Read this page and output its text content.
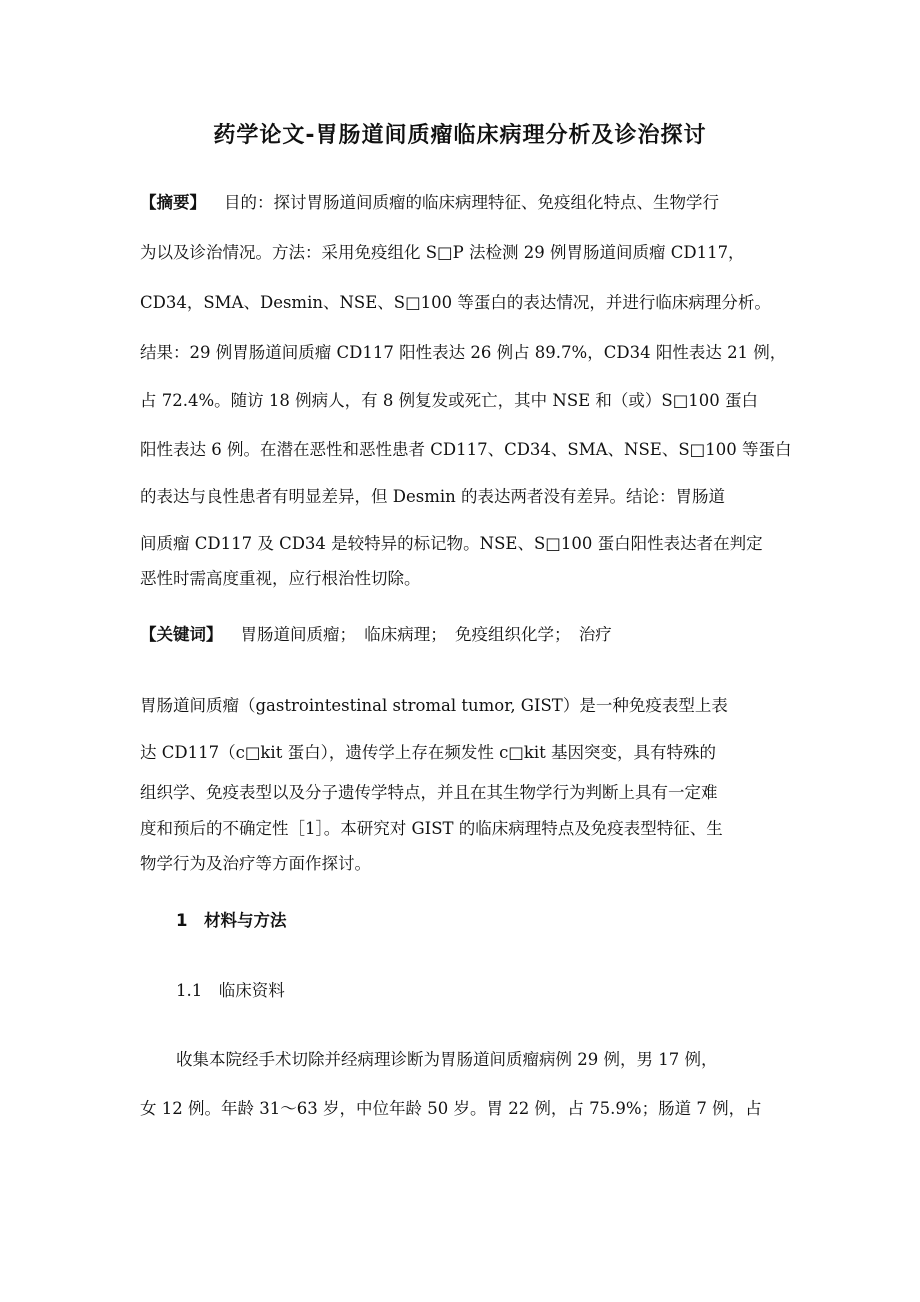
药学论文-胃肠道间质瘤临床病理分析及诊治探讨
【摘要】 目的：探讨胃肠道间质瘤的临床病理特征、免疫组化特点、生物学行
为以及诊治情况。方法：采用免疫组化 S□P 法检测 29 例胃肠道间质瘤 CD117，
CD34，SMA、Desmin、NSE、S□100 等蛋白的表达情况，并进行临床病理分析。
结果：29 例胃肠道间质瘤 CD117 阳性表达 26 例占 89.7%，CD34 阳性表达 21 例，
占 72.4%。随访 18 例病人，有 8 例复发或死亡，其中 NSE 和（或）S□100 蛋白
阳性表达 6 例。在潜在恶性和恶性患者 CD117、CD34、SMA、NSE、S□100 等蛋白
的表达与良性患者有明显差异，但 Desmin 的表达两者没有差异。结论：胃肠道
间质瘤 CD117 及 CD34 是较特异的标记物。NSE、S□100 蛋白阳性表达者在判定
恶性时需高度重视，应行根治性切除。
【关键词】 胃肠道间质瘤；　临床病理；　免疫组织化学；　治疗
胃肠道间质瘤（gastrointestinal stromal tumor, GIST）是一种免疫表型上表
达 CD117（c□kit 蛋白），遗传学上存在频发性 c□kit 基因突变，具有特殊的
组织学、免疫表型以及分子遗传学特点，并且在其生物学行为判断上具有一定难
度和预后的不确定性［1］。本研究对 GIST 的临床病理特点及免疫表型特征、生
物学行为及治疗等方面作探讨。
1　材料与方法
1.1　临床资料
收集本院经手术切除并经病理诊断为胃肠道间质瘤病例 29 例，男 17 例，
女 12 例。年龄 31～63 岁，中位年龄 50 岁。胃 22 例，占 75.9%；肠道 7 例，占
